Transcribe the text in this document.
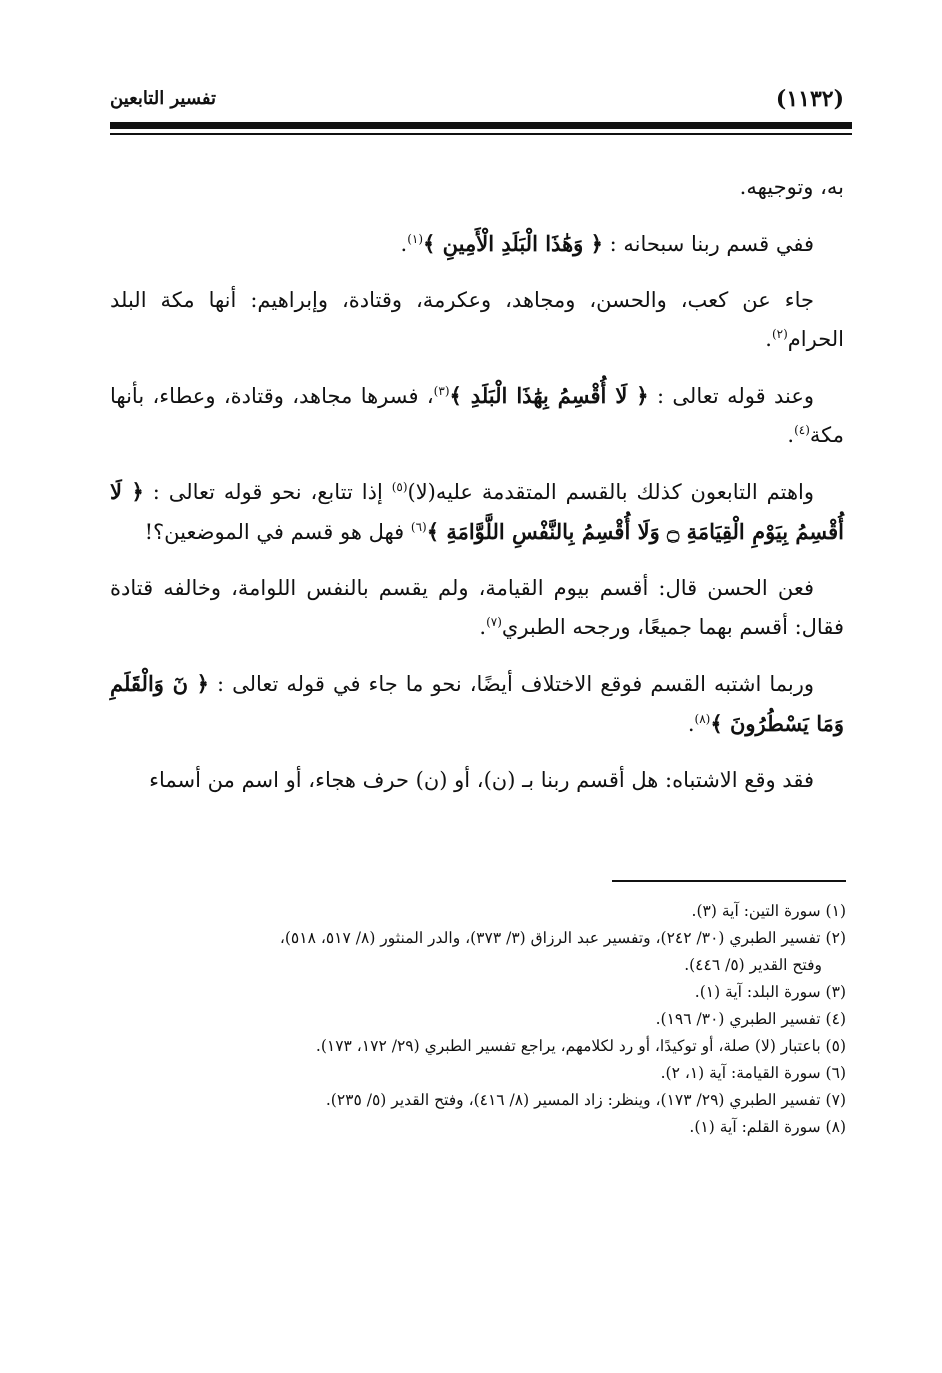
(١١٣٢)
تفسير التابعين

به، وتوجيهه.

ففي قسم ربنا سبحانه : ﴿ وَهَٰذَا الْبَلَدِ الْأَمِينِ ﴾$^{(١)}$.

جاء عن كعب، والحسن، ومجاهد، وعكرمة، وقتادة، وإبراهيم: أنها مكة البلد الحرام$^{(٢)}$.

وعند قوله تعالى : ﴿ لَا أُقْسِمُ بِهَٰذَا الْبَلَدِ ﴾$^{(٣)}$، فسرها مجاهد، وقتادة، وعطاء، بأنها مكة$^{(٤)}$.

واهتم التابعون كذلك بالقسم المتقدمة عليه(لا)$^{(٥)}$ إذا تتابع، نحو قوله تعالى : ﴿ لَا أُقْسِمُ بِيَوْمِ الْقِيَامَةِ ۝ وَلَا أُقْسِمُ بِالنَّفْسِ اللَّوَّامَةِ ﴾$^{(٦)}$ فهل هو قسم في الموضعين؟!

فعن الحسن قال: أقسم بيوم القيامة، ولم يقسم بالنفس اللوامة، وخالفه قتادة فقال: أقسم بهما جميعًا، ورجحه الطبري$^{(٧)}$.

وربما اشتبه القسم فوقع الاختلاف أيضًا، نحو ما جاء في قوله تعالى : ﴿ نٓ وَالْقَلَمِ وَمَا يَسْطُرُونَ ﴾$^{(٨)}$.

فقد وقع الاشتباه: هل أقسم ربنا بـ (ن)، أو (ن) حرف هجاء، أو اسم من أسماء

(١) سورة التين: آية (٣).

(٢) تفسير الطبري (٣٠/ ٢٤٢)، وتفسير عبد الرزاق (٣/ ٣٧٣)، والدر المنثور (٨/ ٥١٧، ٥١٨)،

وفتح القدير (٥/ ٤٤٦).

(٣) سورة البلد: آية (١).

(٤) تفسير الطبري (٣٠/ ١٩٦).

(٥) باعتبار (لا) صلة، أو توكيدًا، أو رد لكلامهم، يراجع تفسير الطبري (٢٩/ ١٧٢، ١٧٣).

(٦) سورة القيامة: آية (١، ٢).

(٧) تفسير الطبري (٢٩/ ١٧٣)، وينظر: زاد المسير (٨/ ٤١٦)، وفتح القدير (٥/ ٢٣٥).

(٨) سورة القلم: آية (١).
